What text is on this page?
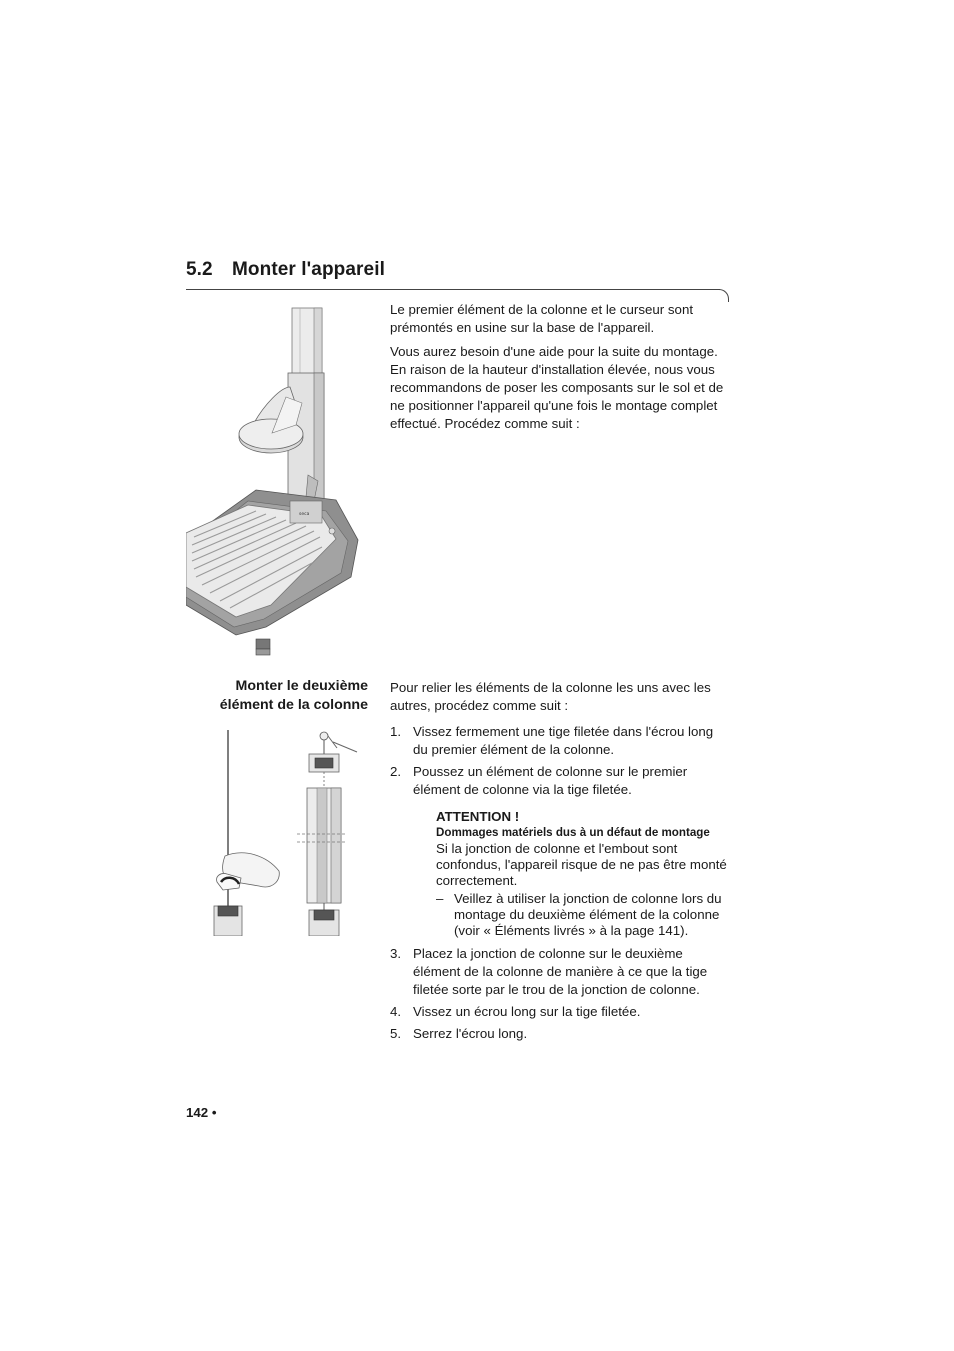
5.2 Monter l'appareil
seca

Le premier élément de la colonne et le curseur sont prémontés en usine sur la base de l'appareil.

Vous aurez besoin d'une aide pour la suite du montage. En raison de la hauteur d'installation élevée, nous vous recommandons de poser les composants sur le sol et de ne positionner l'appareil qu'une fois le montage complet effectué. Procédez comme suit :

Monter le deuxième élément de la colonne

Pour relier les éléments de la colonne les uns avec les autres, procédez comme suit :

1. Vissez fermement une tige filetée dans l'écrou long du premier élément de la colonne.
2. Poussez un élément de colonne sur le premier élément de colonne via la tige filetée.
ATTENTION !
Dommages matériels dus à un défaut de montage
Si la jonction de colonne et l'embout sont confondus, l'appareil risque de ne pas être monté correctement.
– Veillez à utiliser la jonction de colonne lors du montage du deuxième élément de la colonne (voir « Éléments livrés » à la page 141).
3. Placez la jonction de colonne sur le deuxième élément de la colonne de manière à ce que la tige filetée sorte par le trou de la jonction de colonne.
4. Vissez un écrou long sur la tige filetée.
5. Serrez l'écrou long.
142 •
